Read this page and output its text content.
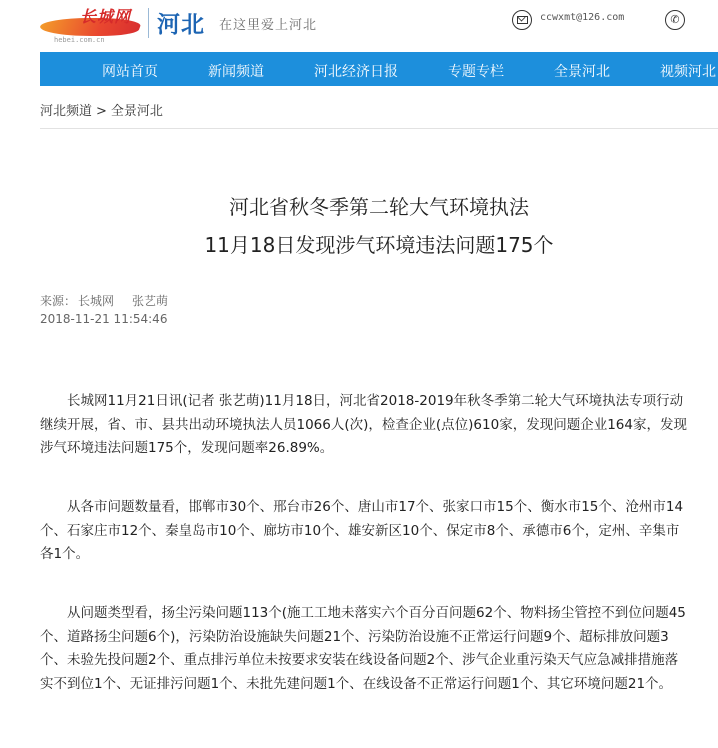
长城网
hebei.com.cn
河北 在这里爱上河北
ccwxmt@126.com	✆
网站首页	新闻频道	河北经济日报	专题专栏	全景河北	视频河北
河北频道 > 全景河北
河北省秋冬季第二轮大气环境执法
11月18日发现涉气环境违法问题175个
来源： 长城网 张艺萌
2018-11-21 11:54:46

长城网11月21日讯(记者 张艺萌)11月18日，河北省2018-2019年秋冬季第二轮大气环境执法专项行动继续开展，省、市、县共出动环境执法人员1066人(次)，检查企业(点位)610家，发现问题企业164家，发现涉气环境违法问题175个，发现问题率26.89%。

从各市问题数量看，邯郸市30个、邢台市26个、唐山市17个、张家口市15个、衡水市15个、沧州市14个、石家庄市12个、秦皇岛市10个、廊坊市10个、雄安新区10个、保定市8个、承德市6个，定州、辛集市各1个。

从问题类型看，扬尘污染问题113个(施工工地未落实六个百分百问题62个、物料扬尘管控不到位问题45个、道路扬尘问题6个)，污染防治设施缺失问题21个、污染防治设施不正常运行问题9个、超标排放问题3个、未验先投问题2个、重点排污单位未按要求安装在线设备问题2个、涉气企业重污染天气应急减排措施落实不到位1个、无证排污问题1个、未批先建问题1个、在线设备不正常运行问题1个、其它环境问题21个。
